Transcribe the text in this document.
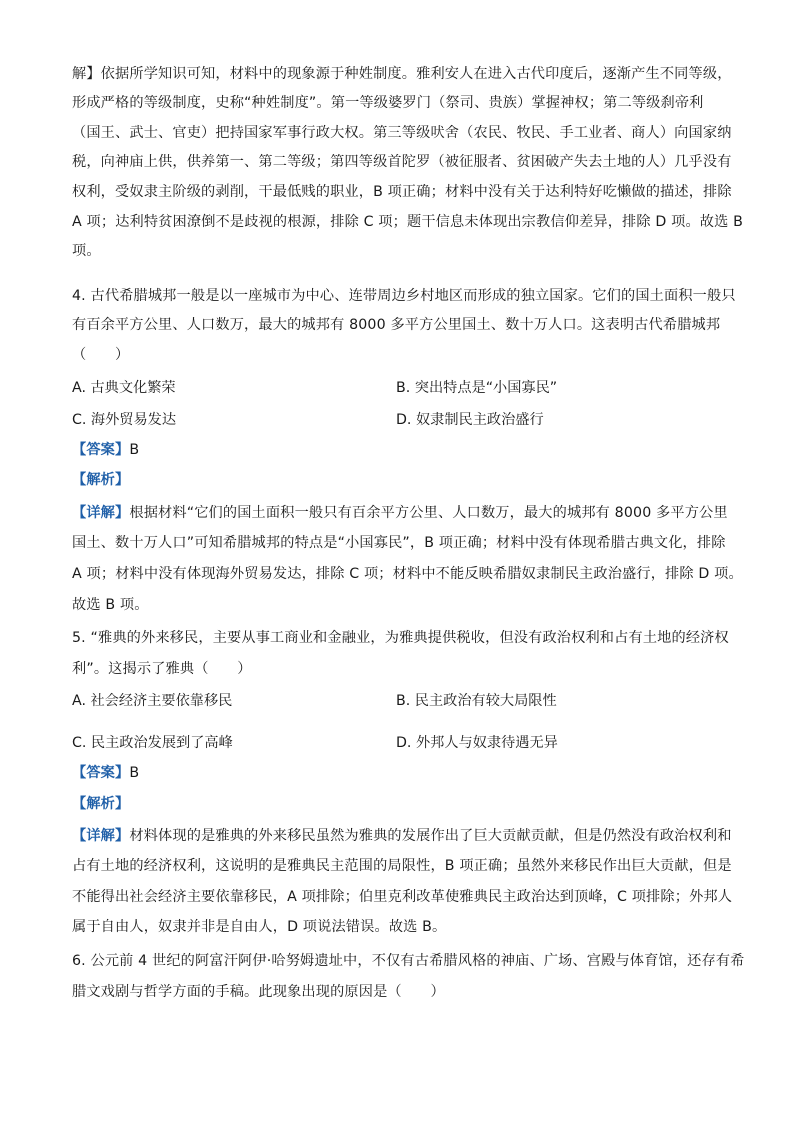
解】依据所学知识可知，材料中的现象源于种姓制度。雅利安人在进入古代印度后，逐渐产生不同等级，
形成严格的等级制度，史称“种姓制度”。第一等级婆罗门（祭司、贵族）掌握神权；第二等级刹帝利
（国王、武士、官吏）把持国家军事行政大权。第三等级吠舍（农民、牧民、手工业者、商人）向国家纳
税，向神庙上供，供养第一、第二等级；第四等级首陀罗（被征服者、贫困破产失去土地的人）几乎没有
权利，受奴隶主阶级的剥削，干最低贱的职业，B 项正确；材料中没有关于达利特好吃懒做的描述，排除
A 项；达利特贫困潦倒不是歧视的根源，排除 C 项；题干信息未体现出宗教信仰差异，排除 D 项。故选 B
项。
4. 古代希腊城邦一般是以一座城市为中心、连带周边乡村地区而形成的独立国家。它们的国土面积一般只
有百余平方公里、人口数万，最大的城邦有 8000 多平方公里国土、数十万人口。这表明古代希腊城邦
（　　）
A. 古典文化繁荣	B. 突出特点是“小国寡民”
C. 海外贸易发达	D. 奴隶制民主政治盛行
【答案】B
【解析】
【详解】根据材料“它们的国土面积一般只有百余平方公里、人口数万，最大的城邦有 8000 多平方公里
国土、数十万人口”可知希腊城邦的特点是“小国寡民”，B 项正确；材料中没有体现希腊古典文化，排除
A 项；材料中没有体现海外贸易发达，排除 C 项；材料中不能反映希腊奴隶制民主政治盛行，排除 D 项。
故选 B 项。
5. “雅典的外来移民，主要从事工商业和金融业，为雅典提供税收，但没有政治权利和占有土地的经济权
利”。这揭示了雅典（　　）
A. 社会经济主要依靠移民	B. 民主政治有较大局限性
C. 民主政治发展到了高峰	D. 外邦人与奴隶待遇无异
【答案】B
【解析】
【详解】材料体现的是雅典的外来移民虽然为雅典的发展作出了巨大贡献贡献，但是仍然没有政治权利和
占有土地的经济权利，这说明的是雅典民主范围的局限性，B 项正确；虽然外来移民作出巨大贡献，但是
不能得出社会经济主要依靠移民，A 项排除；伯里克利改革使雅典民主政治达到顶峰，C 项排除；外邦人
属于自由人，奴隶并非是自由人，D 项说法错误。故选 B。
6. 公元前 4 世纪的阿富汗阿伊·哈努姆遗址中，不仅有古希腊风格的神庙、广场、宫殿与体育馆，还存有希
腊文戏剧与哲学方面的手稿。此现象出现的原因是（　　）
